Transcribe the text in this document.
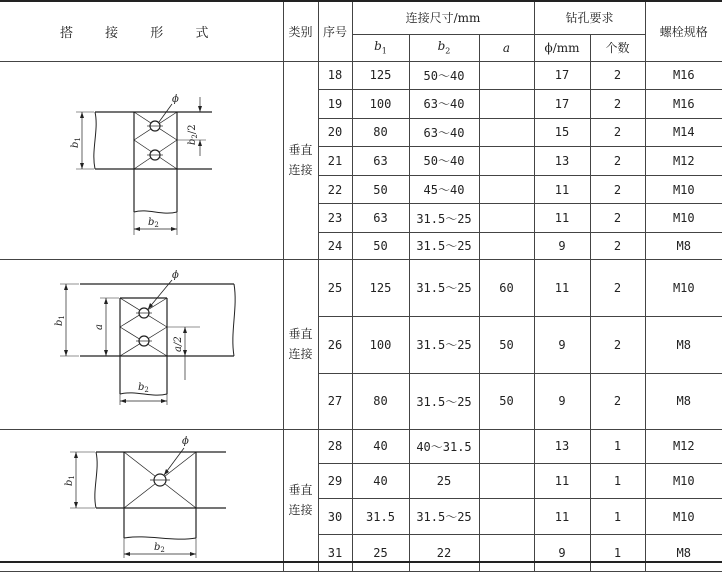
搭 接 形 式	类别	序号	连接尺寸/mm			钻孔要求		螺栓规格
			$b_1$	$b_2$	a	ϕ/mm	个数	

ϕ
$b_1$ $b_2/2$
$b_2$	垂直
连接	18	125	50～40		17	2	M16
		19	100	63～40		17	2	M16
		20	80	63～40		15	2	M14
		21	63	50～40		13	2	M12
		22	50	45～40		11	2	M10
		23	63	31.5～25		11	2	M10
		24	50	31.5～25		9	2	M8

ϕ
$b_1$
a
a/2
$b_2$	垂直
连接	25	125	31.5～25	60	11	2	M10
		26	100	31.5～25	50	9	2	M8
		27	80	31.5～25	50	9	2	M8

ϕ
$b_1$
$b_2$	垂直
连接	28	40	40～31.5		13	1	M12
		29	40	25		11	1	M10
		30	31.5	31.5～25		11	1	M10
		31	25	22		9	1	M8
